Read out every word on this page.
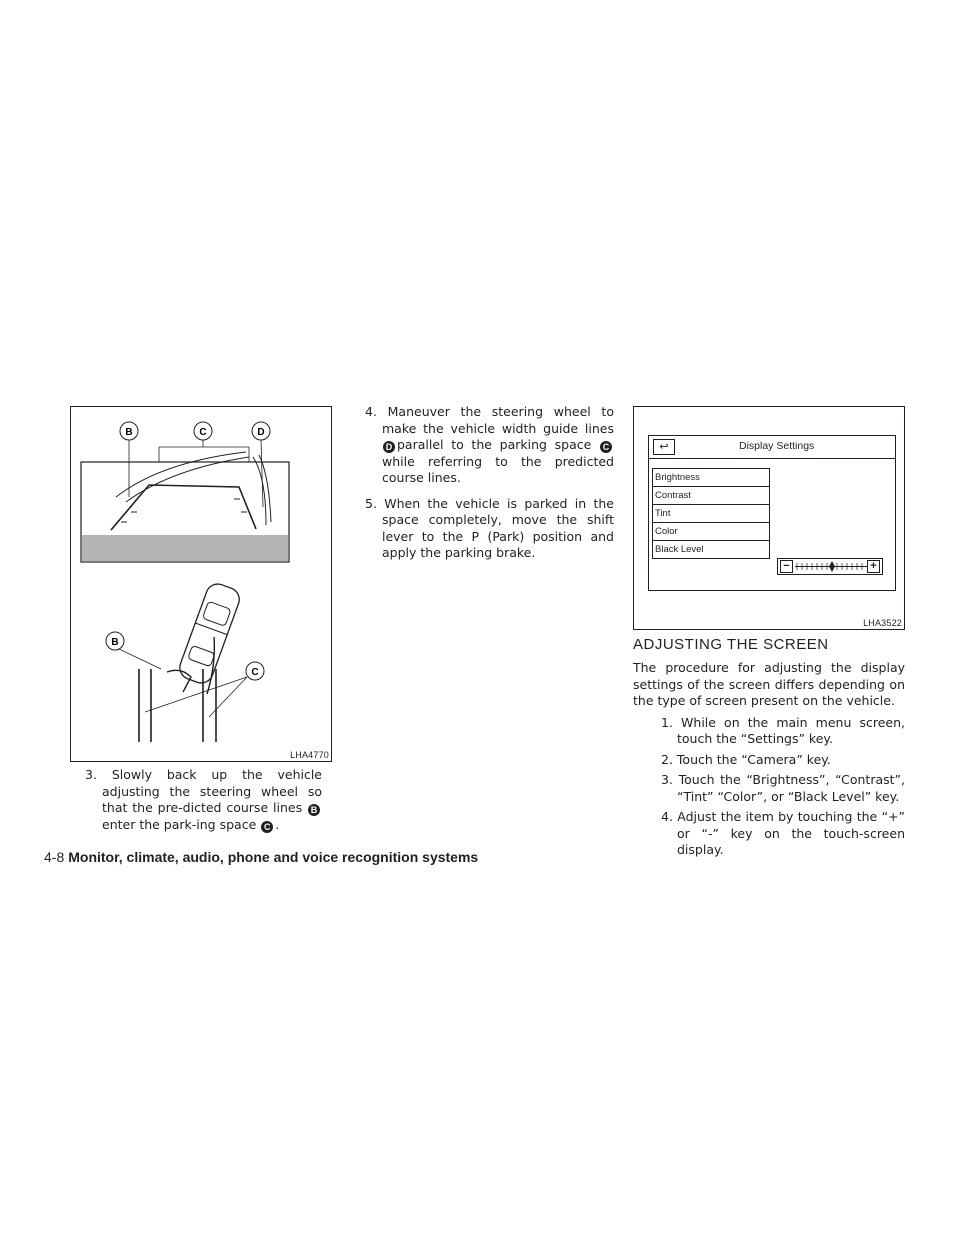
B	C	D
B
C
LHA4770
3. Slowly back up the vehicle adjusting the steering wheel so that the pre-dicted course lines B enter the park-ing space C .
4. Maneuver the steering wheel to make the vehicle width guide lines D parallel to the parking space Cwhile referring to the predicted course lines.
5. When the vehicle is parked in the space completely, move the shift lever to the P (Park) position and apply the parking brake.
↩	Display Settings
Brightness
Contrast
Tint
Color
Black Level
−	+
LHA3522
ADJUSTING THE SCREEN

The procedure for adjusting the display settings of the screen differs depending on the type of screen present on the vehicle.

1. While on the main menu screen, touch the “Settings” key.
2. Touch the “Camera” key.
3. Touch the “Brightness”, “Contrast”, “Tint” “Color”, or “Black Level” key.
4. Adjust the item by touching the “+” or “-” key on the touch-screen display.
4-8 Monitor, climate, audio, phone and voice recognition systems
